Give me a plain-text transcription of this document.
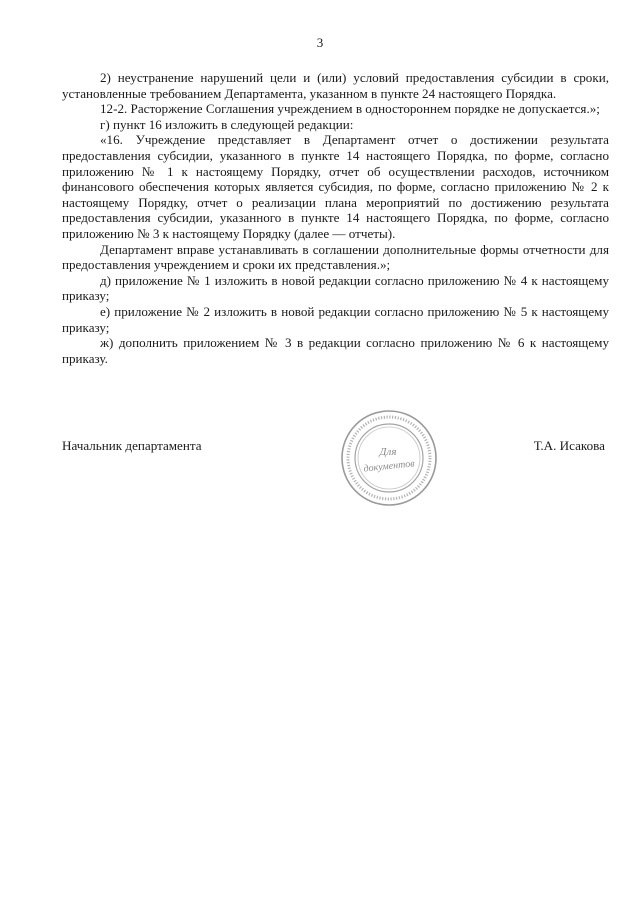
3

2) неустранение нарушений цели и (или) условий предоставления субсидии в сроки, установленные требованием Департамента, указанном в пункте 24 настоящего Порядка.

12-2. Расторжение Соглашения учреждением в одностороннем порядке не допускается.»;

г) пункт 16 изложить в следующей редакции:

«16. Учреждение представляет в Департамент отчет о достижении результата предоставления субсидии, указанного в пункте 14 настоящего Порядка, по форме, согласно приложению № 1 к настоящему Порядку, отчет об осуществлении расходов, источником финансового обеспечения которых является субсидия, по форме, согласно приложению № 2 к настоящему Порядку, отчет о реализации плана мероприятий по достижению результата предоставления субсидии, указанного в пункте 14 настоящего Порядка, по форме, согласно приложению № 3 к настоящему Порядку (далее — отчеты).

Департамент вправе устанавливать в соглашении дополнительные формы отчетности для предоставления учреждением и сроки их представления.»;

д) приложение № 1 изложить в новой редакции согласно приложению № 4 к настоящему приказу;

е) приложение № 2 изложить в новой редакции согласно приложению № 5 к настоящему приказу;

ж) дополнить приложением № 3 в редакции согласно приложению № 6 к настоящему приказу.

Начальник департамента	Т.А. Исакова
Для
документов
